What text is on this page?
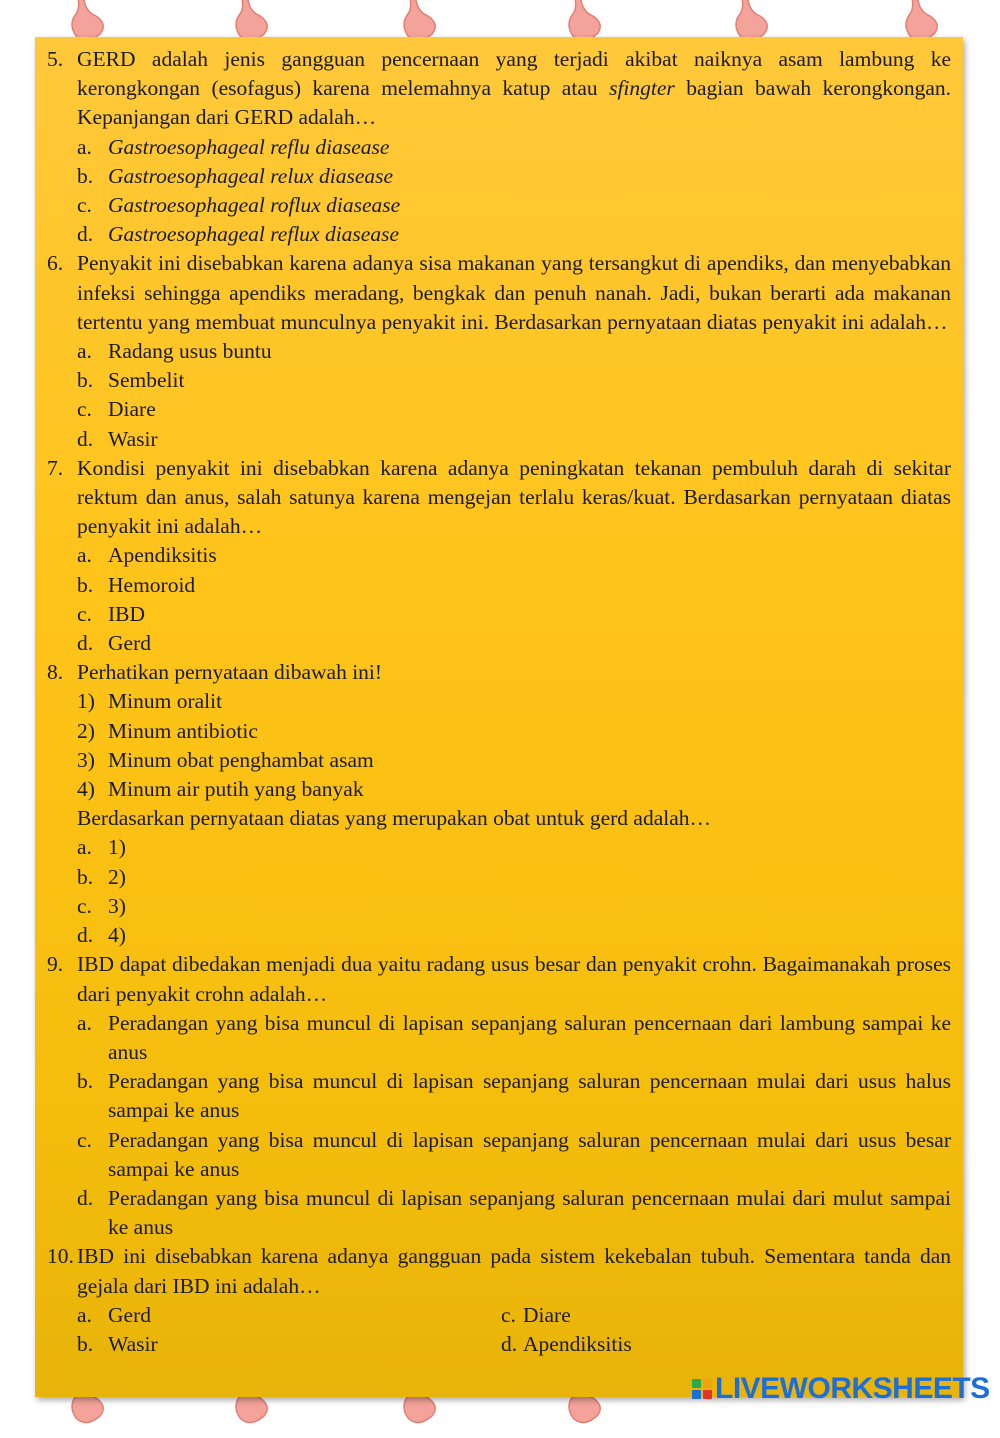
5. GERD adalah jenis gangguan pencernaan yang terjadi akibat naiknya asam lambung ke kerongkongan (esofagus) karena melemahnya katup atau sfingter bagian bawah kerongkongan. Kepanjangan dari GERD adalah…
a. Gastroesophageal reflu diasease
b. Gastroesophageal relux diasease
c. Gastroesophageal roflux diasease
d. Gastroesophageal reflux diasease
6. Penyakit ini disebabkan karena adanya sisa makanan yang tersangkut di apendiks, dan menyebabkan infeksi sehingga apendiks meradang, bengkak dan penuh nanah. Jadi, bukan berarti ada makanan tertentu yang membuat munculnya penyakit ini. Berdasarkan pernyataan diatas penyakit ini adalah…
a. Radang usus buntu
b. Sembelit
c. Diare
d. Wasir
7. Kondisi penyakit ini disebabkan karena adanya peningkatan tekanan pembuluh darah di sekitar rektum dan anus, salah satunya karena mengejan terlalu keras/kuat. Berdasarkan pernyataan diatas penyakit ini adalah…
a. Apendiksitis
b. Hemoroid
c. IBD
d. Gerd
8. Perhatikan pernyataan dibawah ini!
1) Minum oralit
2) Minum antibiotic
3) Minum obat penghambat asam
4) Minum air putih yang banyak
Berdasarkan pernyataan diatas yang merupakan obat untuk gerd adalah…
a. 1)
b. 2)
c. 3)
d. 4)
9. IBD dapat dibedakan menjadi dua yaitu radang usus besar dan penyakit crohn. Bagaimanakah proses dari penyakit crohn adalah…
a. Peradangan yang bisa muncul di lapisan sepanjang saluran pencernaan dari lambung sampai ke anus
b. Peradangan yang bisa muncul di lapisan sepanjang saluran pencernaan mulai dari usus halus sampai ke anus
c. Peradangan yang bisa muncul di lapisan sepanjang saluran pencernaan mulai dari usus besar sampai ke anus
d. Peradangan yang bisa muncul di lapisan sepanjang saluran pencernaan mulai dari mulut sampai ke anus
10. IBD ini disebabkan karena adanya gangguan pada sistem kekebalan tubuh. Sementara tanda dan gejala dari IBD ini adalah…
a. Gerd	c. Diare
b. Wasir	d. Apendiksitis
LIVEWORKSHEETS
